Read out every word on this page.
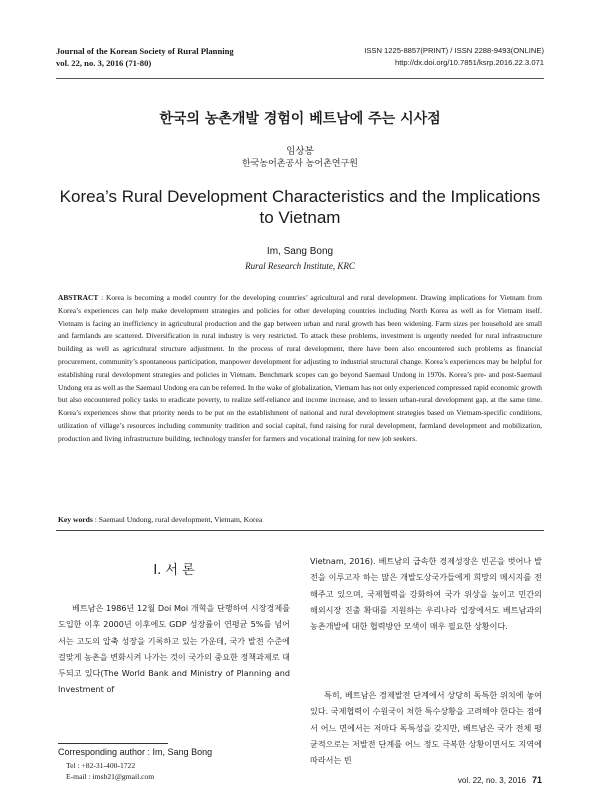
Journal of the Korean Society of Rural Planning
vol. 22, no. 3, 2016 (71-80)
ISSN 1225-8857(PRINT) / ISSN 2288-9493(ONLINE)
http://dx.doi.org/10.7851/ksrp.2016.22.3.071
한국의 농촌개발 경험이 베트남에 주는 시사점
임상봉
한국농어촌공사 농어촌연구원
Korea’s Rural Development Characteristics and the Implications to Vietnam
Im, Sang Bong
Rural Research Institute, KRC
ABSTRACT : Korea is becoming a model country for the developing countries’ agricultural and rural development. Drawing implications for Vietnam from Korea’s experiences can help make development strategies and policies for other developing countries including North Korea as well as for Vietnam itself. Vietnam is facing an inefficiency in agricultural production and the gap between urban and rural growth has been widening. Farm sizes per household are small and farmlands are scattered. Diversification in rural industry is very restricted. To attack these problems, investment is urgently needed for rural infrastructure building as well as agricultural structure adjustment. In the process of rural development, there have been also encountered such problems as financial procurement, community’s spontaneous participation, manpower development for adjusting to industrial structural change. Korea’s experiences may be helpful for establishing rural development strategies and policies in Vietnam. Benchmark scopes can go beyond Saemaul Undong in 1970s. Korea’s pre- and post-Saemaul Undong era as well as the Saemaul Undong era can be referred. In the wake of globalization, Vietnam has not only experienced compressed rapid economic growth but also encountered policy tasks to eradicate poverty, to realize self-reliance and income increase, and to lessen urban-rural development gap, at the same time. Korea’s experiences show that priority needs to be put on the establishment of national and rural development strategies based on Vietnam-specific conditions, utilization of village’s resources including community tradition and social capital, fund raising for rural development, farmland development and mobilization, production and living infrastructure building, technology transfer for farmers and vocational training for new job seekers.
Key words : Saemaul Undong, rural development, Vietnam, Korea
I. 서 론
베트남은 1986년 12월 Doi Moi 개혁을 단행하여 시장경제를 도입한 이후 2000년 이후에도 GDP 성장률이 연평균 5%를 넘어서는 고도의 압축 성장을 기록하고 있는 가운데, 국가 발전 수준에 걸맞게 농촌을 변화시켜 나가는 것이 국가의 중요한 정책과제로 대두되고 있다(The World Bank and Ministry of Planning and Investment of
Vietnam, 2016). 베트남의 급속한 경제성장은 빈곤을 벗어나 발전을 이루고자 하는 많은 개발도상국가들에게 희망의 메시지를 전해주고 있으며, 국제협력을 강화하여 국가 위상을 높이고 민간의 해외시장 진출 확대를 지원하는 우리나라 입장에서도 베트남과의 농촌개발에 대한 협력방안 모색이 매우 필요한 상황이다.
특히, 베트남은 경제발전 단계에서 상당히 독특한 위치에 놓여 있다. 국제협력이 수원국이 처한 특수상황을 고려해야 한다는 점에서 어느 면에서는 저마다 독특성을 갖지만, 베트남은 국가 전체 평균적으로는 저발전 단계를 어느 정도 극복한 상황이면서도 지역에 따라서는 빈
Corresponding author : Im, Sang Bong
Tel : +82-31-400-1722
E-mail : imsb21@gmail.com	vol. 22, no. 3, 2016 71
